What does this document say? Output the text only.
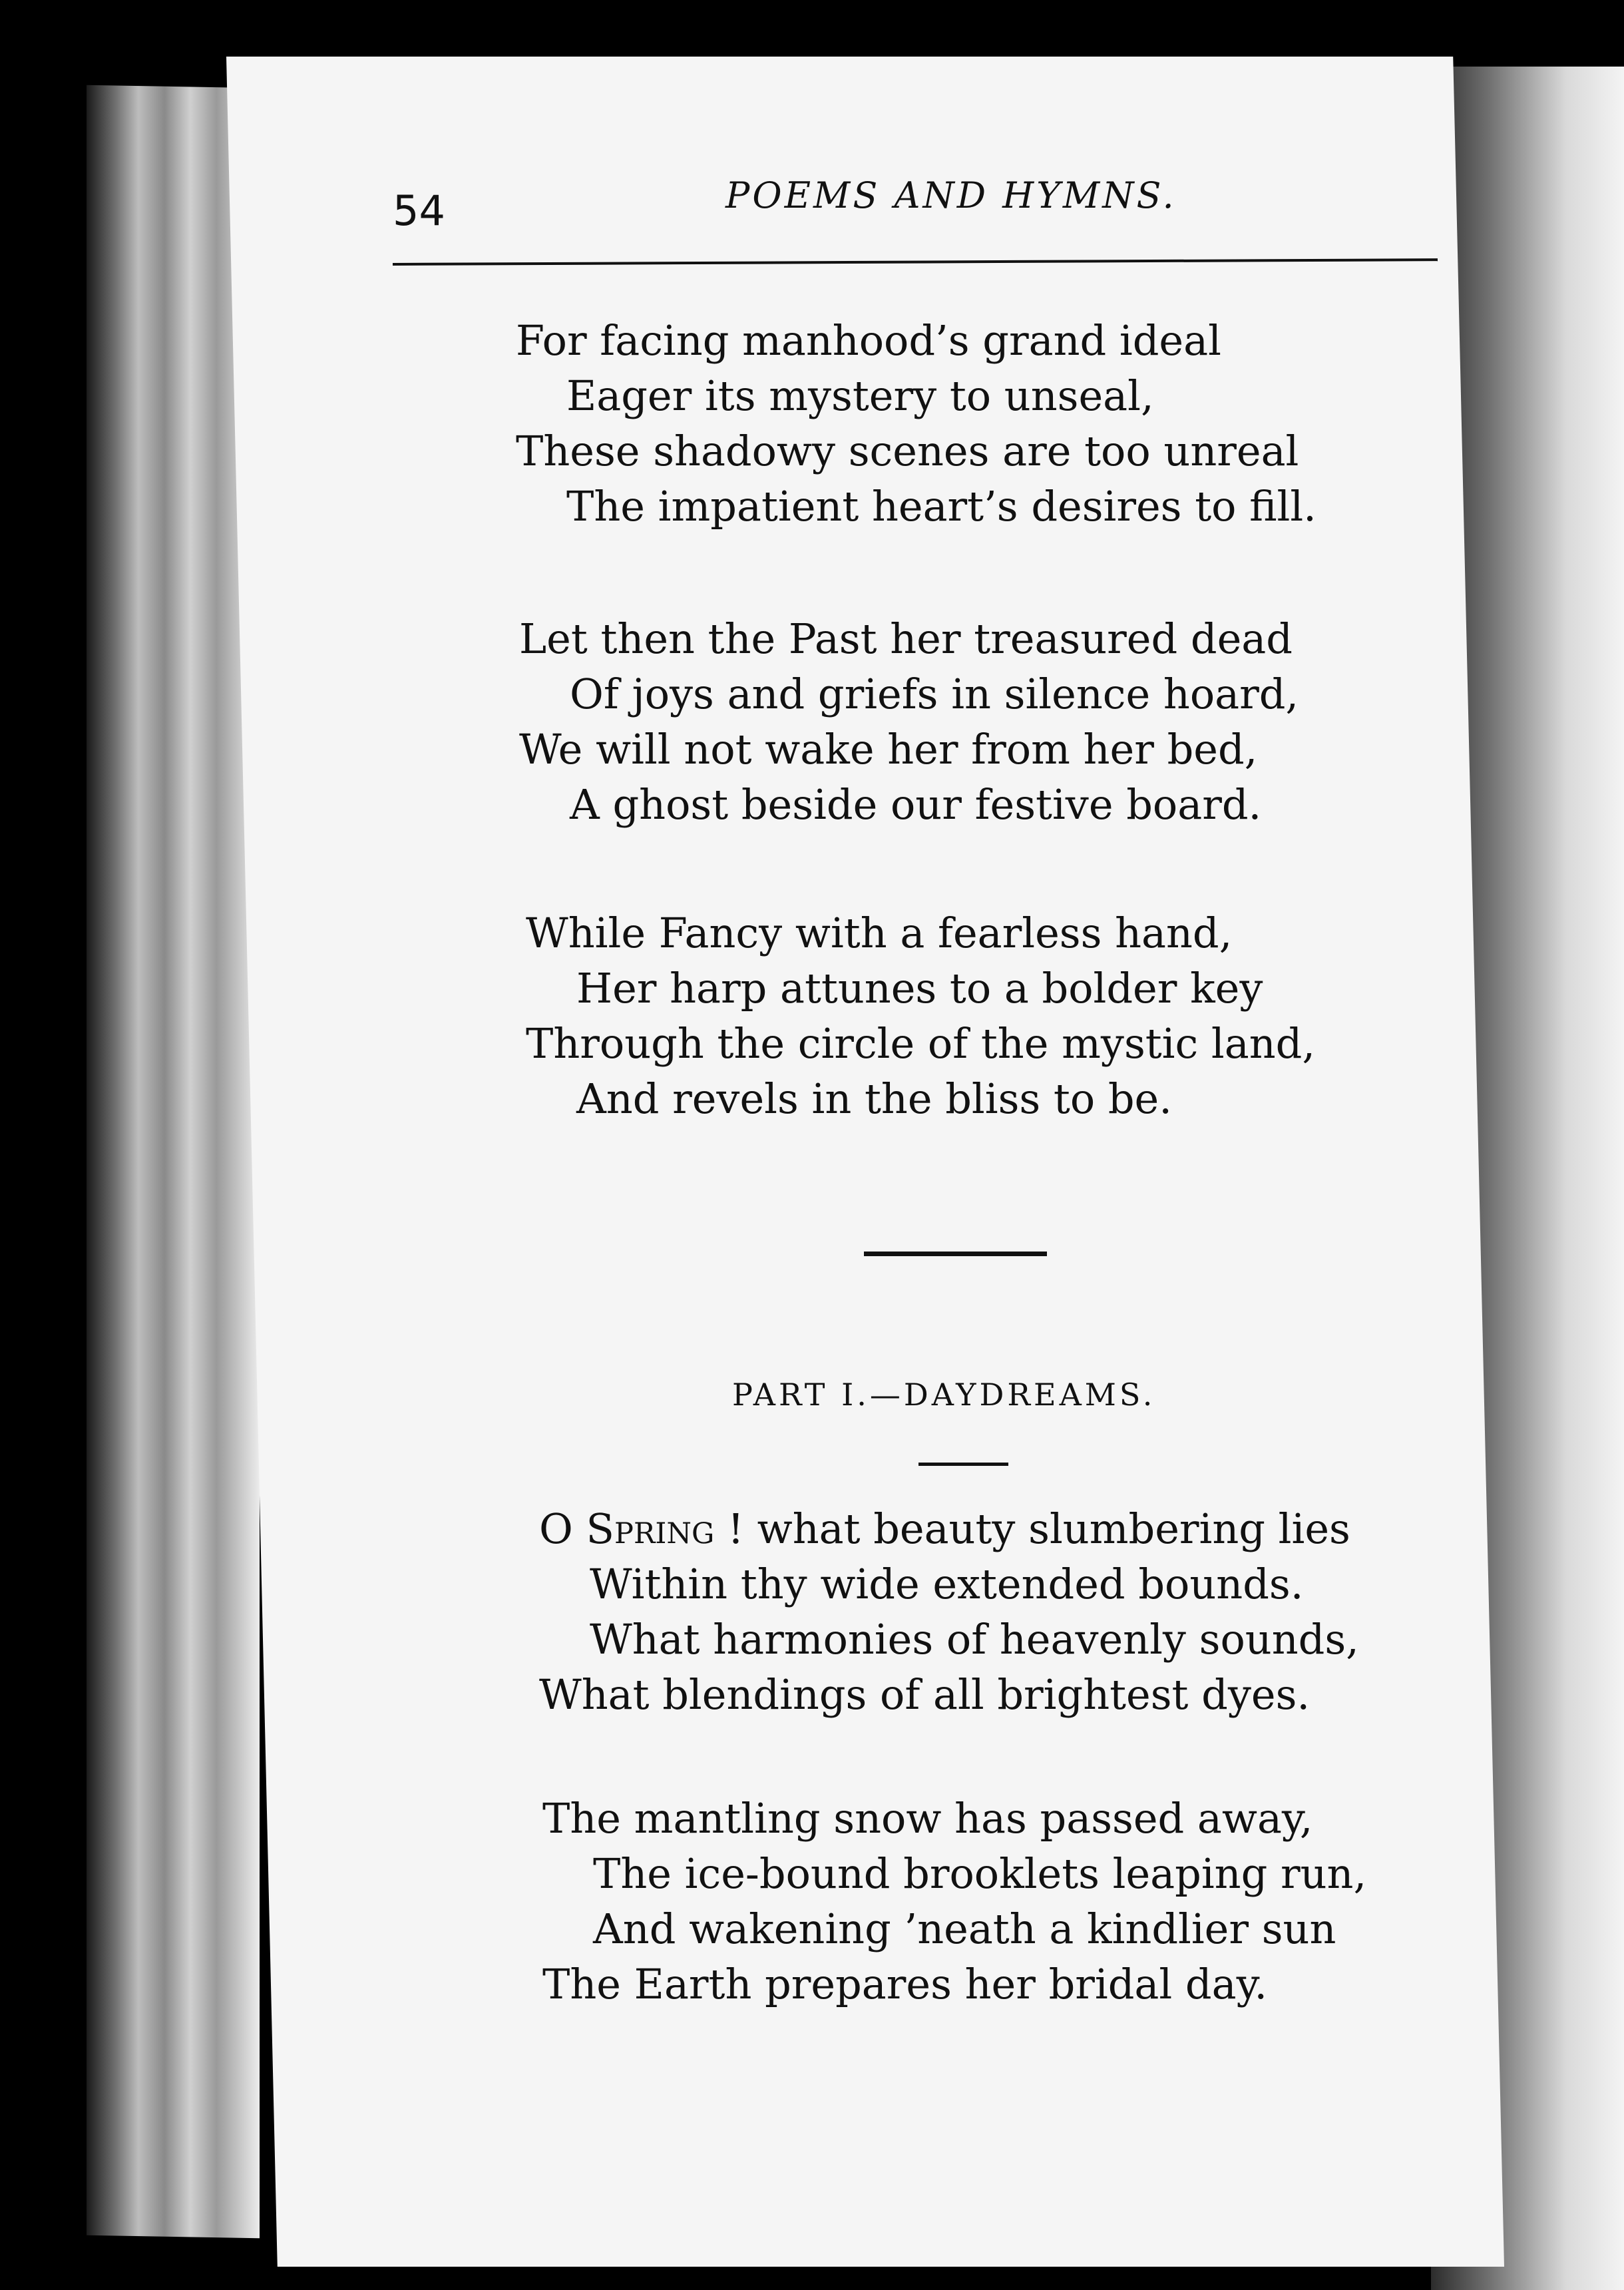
54	POEMS AND HYMNS.
For facing manhood’s grand ideal
Eager its mystery to unseal,
These shadowy scenes are too unreal
The impatient heart’s desires to fill.
Let then the Past her treasured dead
Of joys and griefs in silence hoard,
We will not wake her from her bed,
A ghost beside our festive board.
While Fancy with a fearless hand,
Her harp attunes to a bolder key
Through the circle of the mystic land,
And revels in the bliss to be.
PART I.—DAYDREAMS.
O Spring ! what beauty slumbering lies
Within thy wide extended bounds.
What harmonies of heavenly sounds,
What blendings of all brightest dyes.
The mantling snow has passed away,
The ice-bound brooklets leaping run,
And wakening ’neath a kindlier sun
The Earth prepares her bridal day.
